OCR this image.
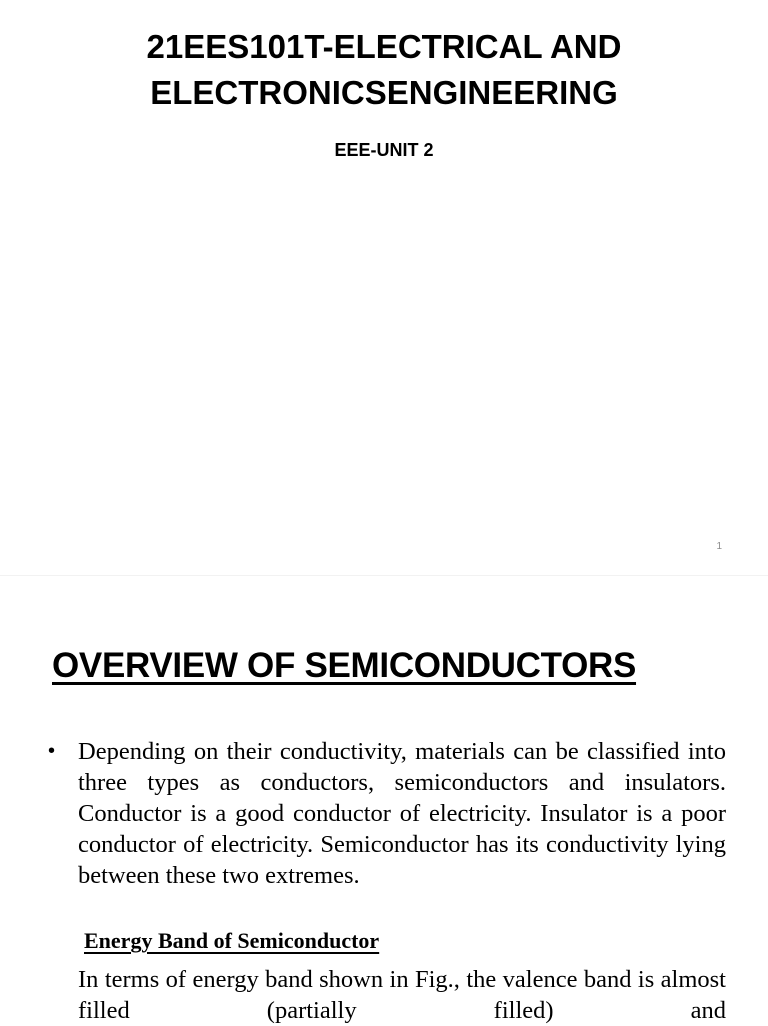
21EES101T-ELECTRICAL AND
ELECTRONICSENGINEERING
EEE-UNIT 2
1
OVERVIEW OF SEMICONDUCTORS
• Depending on their conductivity, materials can be classified into three types as conductors, semiconductors and insulators. Conductor is a good conductor of electricity. Insulator is a poor conductor of electricity. Semiconductor has its conductivity lying between these two extremes.

Energy Band of Semiconductor

In terms of energy band shown in Fig., the valence band is almost filled (partially filled) and
